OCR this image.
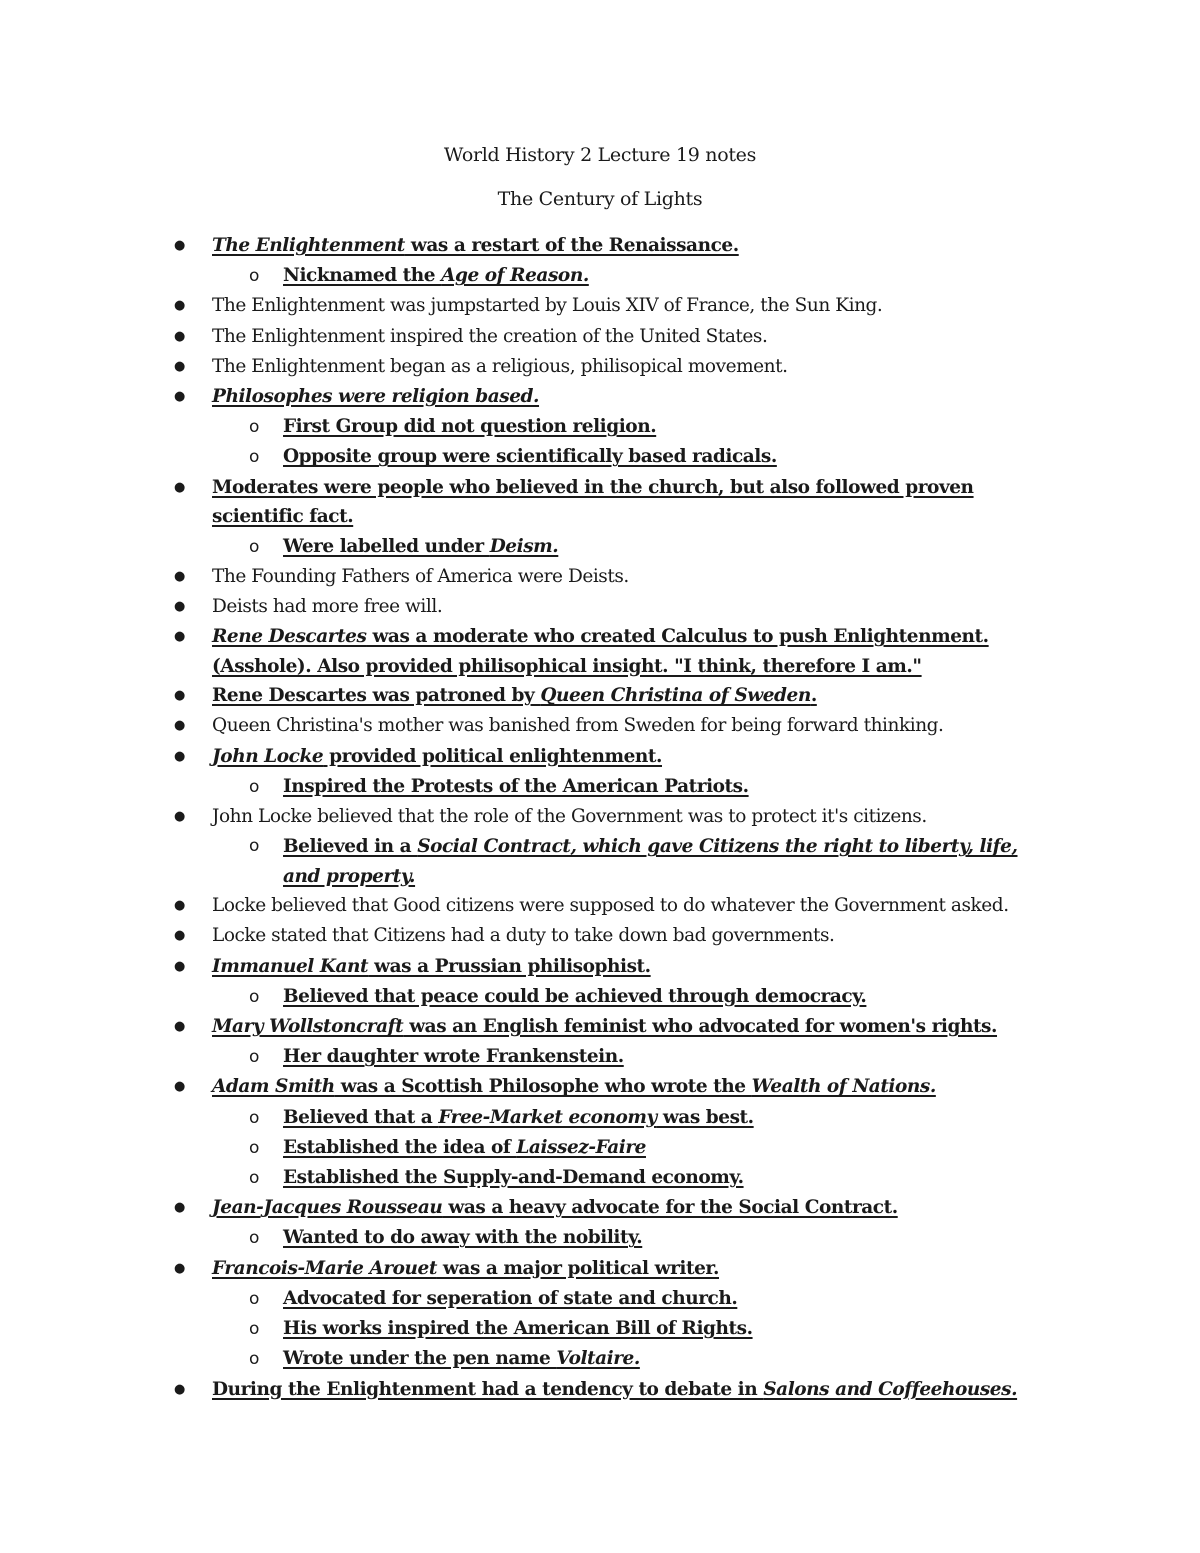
World History 2 Lecture 19 notes
The Century of Lights
● The Enlightenment was a restart of the Renaissance.
o Nicknamed the Age of Reason.
● The Enlightenment was jumpstarted by Louis XIV of France, the Sun King.
● The Enlightenment inspired the creation of the United States.
● The Enlightenment began as a religious, philisopical movement.
● Philosophes were religion based.
o First Group did not question religion.
o Opposite group were scientifically based radicals.
● Moderates were people who believed in the church, but also followed proven scientific fact.
o Were labelled under Deism.
● The Founding Fathers of America were Deists.
● Deists had more free will.
● Rene Descartes was a moderate who created Calculus to push Enlightenment. (Asshole). Also provided philisophical insight. "I think, therefore I am."
● Rene Descartes was patroned by Queen Christina of Sweden.
● Queen Christina's mother was banished from Sweden for being forward thinking.
● John Locke provided political enlightenment.
o Inspired the Protests of the American Patriots.
● John Locke believed that the role of the Government was to protect it's citizens.
o Believed in a Social Contract, which gave Citizens the right to liberty, life, and property.
● Locke believed that Good citizens were supposed to do whatever the Government asked.
● Locke stated that Citizens had a duty to take down bad governments.
● Immanuel Kant was a Prussian philisophist.
o Believed that peace could be achieved through democracy.
● Mary Wollstoncraft was an English feminist who advocated for women's rights.
o Her daughter wrote Frankenstein.
● Adam Smith was a Scottish Philosophe who wrote the Wealth of Nations.
o Believed that a Free-Market economy was best.
o Established the idea of Laissez-Faire
o Established the Supply-and-Demand economy.
● Jean-Jacques Rousseau was a heavy advocate for the Social Contract.
o Wanted to do away with the nobility.
● Francois-Marie Arouet was a major political writer.
o Advocated for seperation of state and church.
o His works inspired the American Bill of Rights.
o Wrote under the pen name Voltaire.
● During the Enlightenment had a tendency to debate in Salons and Coffeehouses.
